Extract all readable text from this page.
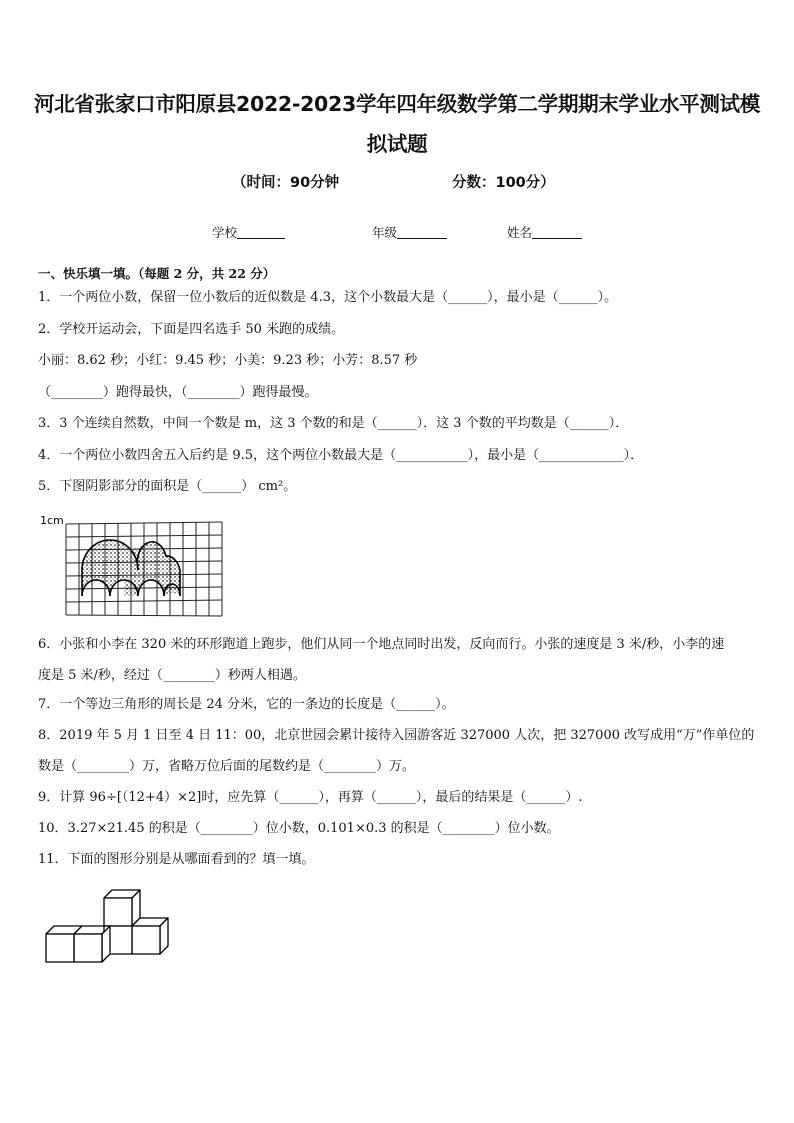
河北省张家口市阳原县2022-2023学年四年级数学第二学期期末学业水平测试模拟试题
（时间：90分钟	分数：100分）
学校	年级	姓名
一、快乐填一填。（每题 2 分，共 22 分）
1．一个两位小数，保留一位小数后的近似数是 4.3，这个小数最大是（______），最小是（______）。
2．学校开运动会，下面是四名选手 50 米跑的成绩。
小丽：8.62 秒；小红：9.45 秒；小美：9.23 秒；小芳：8.57 秒
（________）跑得最快，（________）跑得最慢。
3．3 个连续自然数，中间一个数是 m，这 3 个数的和是（______）．这 3 个数的平均数是（______）．
4．一个两位小数四舍五入后约是 9.5，这个两位小数最大是（___________），最小是（_____________）．
5．下图阴影部分的面积是（______） cm²。
1cm
6．小张和小李在 320 米的环形跑道上跑步，他们从同一个地点同时出发，反向而行。小张的速度是 3 米/秒，小李的速
度是 5 米/秒，经过（________）秒两人相遇。
7．一个等边三角形的周长是 24 分米，它的一条边的长度是（______）。
8．2019 年 5 月 1 日至 4 日 11：00，北京世园会累计接待入园游客近 327000 人次，把 327000 改写成用“万”作单位的
数是（________）万，省略万位后面的尾数约是（________）万。
9．计算 96÷[（12+4）×2]时，应先算（______），再算（______），最后的结果是（______）.
10．3.27×21.45 的积是（________）位小数，0.101×0.3 的积是（________）位小数。
11．下面的图形分别是从哪面看到的？填一填。
